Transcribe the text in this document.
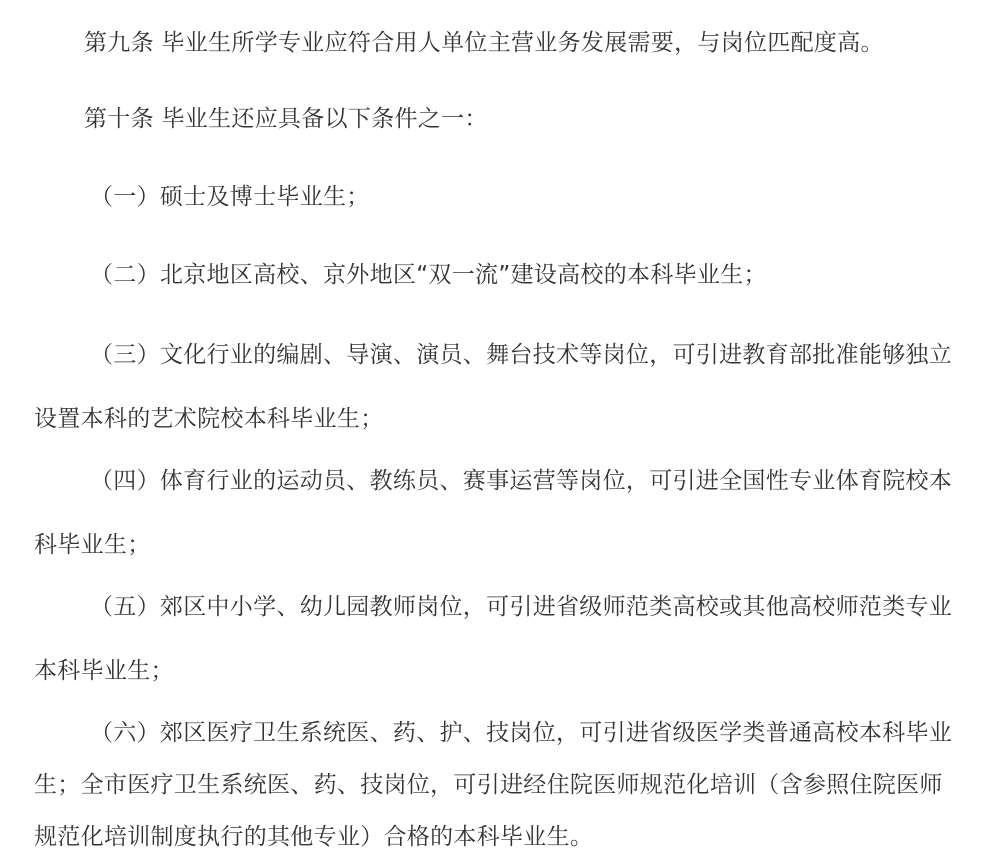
第九条 毕业生所学专业应符合用人单位主营业务发展需要，与岗位匹配度高。
第十条 毕业生还应具备以下条件之一：
（一）硕士及博士毕业生；
（二）北京地区高校、京外地区“双一流”建设高校的本科毕业生；
（三）文化行业的编剧、导演、演员、舞台技术等岗位，可引进教育部批准能够独立
设置本科的艺术院校本科毕业生；
（四）体育行业的运动员、教练员、赛事运营等岗位，可引进全国性专业体育院校本
科毕业生；
（五）郊区中小学、幼儿园教师岗位，可引进省级师范类高校或其他高校师范类专业
本科毕业生；
（六）郊区医疗卫生系统医、药、护、技岗位，可引进省级医学类普通高校本科毕业
生；全市医疗卫生系统医、药、技岗位，可引进经住院医师规范化培训（含参照住院医师
规范化培训制度执行的其他专业）合格的本科毕业生。
